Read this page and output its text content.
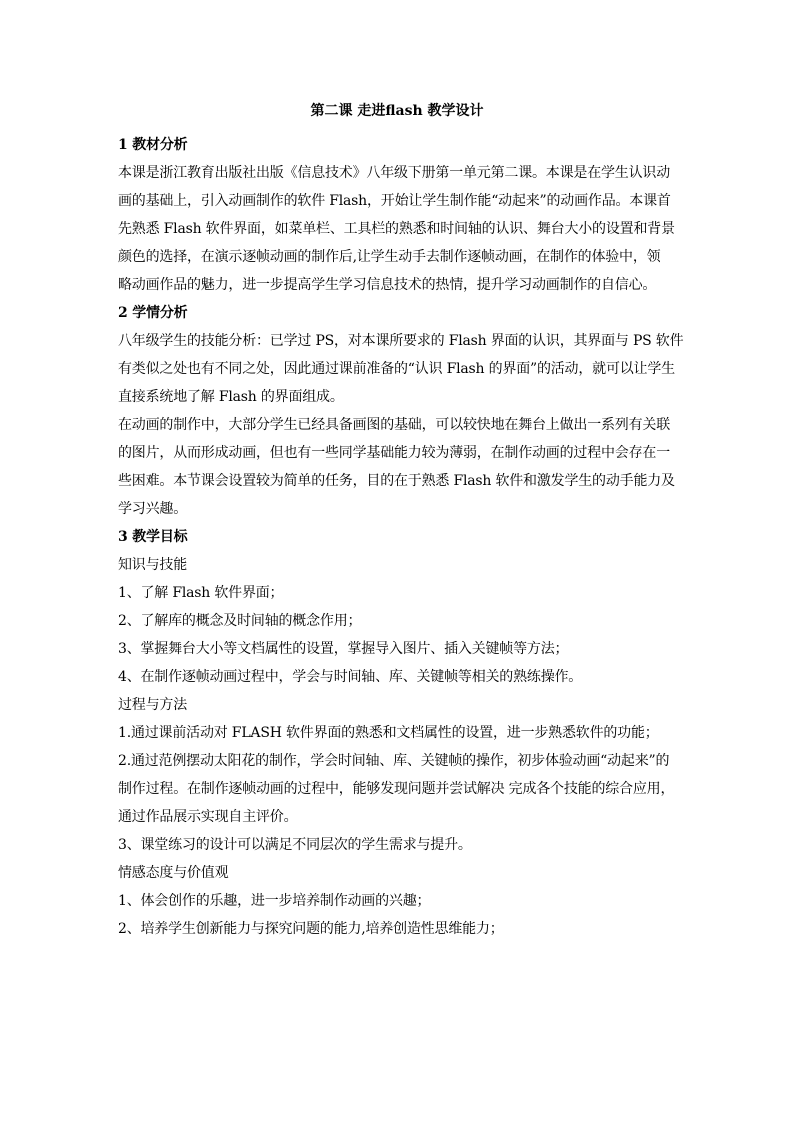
第二课 走进flash 教学设计
1 教材分析
本课是浙江教育出版社出版《信息技术》八年级下册第一单元第二课。本课是在学生认识动
画的基础上，引入动画制作的软件 Flash，开始让学生制作能“动起来”的动画作品。本课首
先熟悉 Flash 软件界面，如菜单栏、工具栏的熟悉和时间轴的认识、舞台大小的设置和背景
颜色的选择，在演示逐帧动画的制作后,让学生动手去制作逐帧动画，在制作的体验中，领
略动画作品的魅力，进一步提高学生学习信息技术的热情，提升学习动画制作的自信心。
2 学情分析
八年级学生的技能分析：已学过 PS，对本课所要求的 Flash 界面的认识，其界面与 PS 软件
有类似之处也有不同之处，因此通过课前准备的“认识 Flash 的界面”的活动，就可以让学生
直接系统地了解 Flash 的界面组成。
在动画的制作中，大部分学生已经具备画图的基础，可以较快地在舞台上做出一系列有关联
的图片，从而形成动画，但也有一些同学基础能力较为薄弱，在制作动画的过程中会存在一
些困难。本节课会设置较为简单的任务，目的在于熟悉 Flash 软件和激发学生的动手能力及
学习兴趣。
3 教学目标
知识与技能
1、了解 Flash 软件界面；
2、了解库的概念及时间轴的概念作用；
3、掌握舞台大小等文档属性的设置，掌握导入图片、插入关键帧等方法；
4、在制作逐帧动画过程中，学会与时间轴、库、关键帧等相关的熟练操作。
过程与方法
1.通过课前活动对 FLASH 软件界面的熟悉和文档属性的设置，进一步熟悉软件的功能；
2.通过范例摆动太阳花的制作，学会时间轴、库、关键帧的操作，初步体验动画“动起来”的
制作过程。在制作逐帧动画的过程中，能够发现问题并尝试解决 完成各个技能的综合应用，
通过作品展示实现自主评价。
3、课堂练习的设计可以满足不同层次的学生需求与提升。
情感态度与价值观
1、体会创作的乐趣，进一步培养制作动画的兴趣；
2、培养学生创新能力与探究问题的能力,培养创造性思维能力；
